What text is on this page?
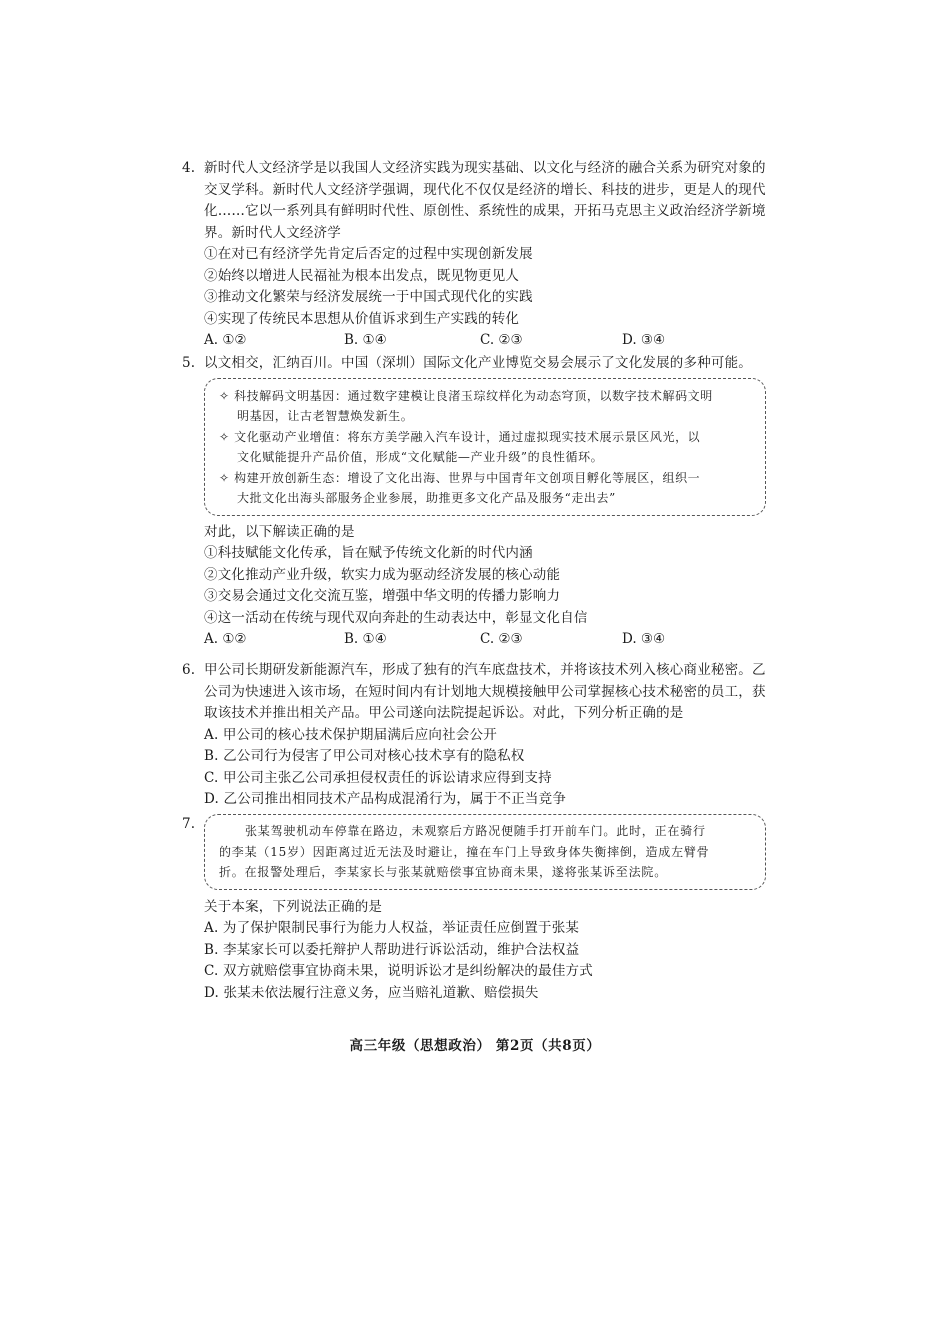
4. 新时代人文经济学是以我国人文经济实践为现实基础、以文化与经济的融合关系为研究对象的
交叉学科。新时代人文经济学强调，现代化不仅仅是经济的增长、科技的进步，更是人的现代
化……它以一系列具有鲜明时代性、原创性、系统性的成果，开拓马克思主义政治经济学新境
界。新时代人文经济学
①在对已有经济学先肯定后否定的过程中实现创新发展
②始终以增进人民福祉为根本出发点，既见物更见人
③推动文化繁荣与经济发展统一于中国式现代化的实践
④实现了传统民本思想从价值诉求到生产实践的转化
A. ①②	B. ①④	C. ②③	D. ③④
5. 以文相交，汇纳百川。中国（深圳）国际文化产业博览交易会展示了文化发展的多种可能。
✧ 科技解码文明基因：通过数字建模让良渚玉琮纹样化为动态穹顶，以数字技术解码文明
明基因，让古老智慧焕发新生。
✧ 文化驱动产业增值：将东方美学融入汽车设计，通过虚拟现实技术展示景区风光，以
文化赋能提升产品价值，形成“文化赋能—产业升级”的良性循环。
✧ 构建开放创新生态：增设了文化出海、世界与中国青年文创项目孵化等展区，组织一
大批文化出海头部服务企业参展，助推更多文化产品及服务“走出去”
对此，以下解读正确的是
①科技赋能文化传承，旨在赋予传统文化新的时代内涵
②文化推动产业升级，软实力成为驱动经济发展的核心动能
③交易会通过文化交流互鉴，增强中华文明的传播力影响力
④这一活动在传统与现代双向奔赴的生动表达中，彰显文化自信
A. ①②	B. ①④	C. ②③	D. ③④
6. 甲公司长期研发新能源汽车，形成了独有的汽车底盘技术，并将该技术列入核心商业秘密。乙
公司为快速进入该市场，在短时间内有计划地大规模接触甲公司掌握核心技术秘密的员工，获
取该技术并推出相关产品。甲公司遂向法院提起诉讼。对此，下列分析正确的是
A. 甲公司的核心技术保护期届满后应向社会公开
B. 乙公司行为侵害了甲公司对核心技术享有的隐私权
C. 甲公司主张乙公司承担侵权责任的诉讼请求应得到支持
D. 乙公司推出相同技术产品构成混淆行为，属于不正当竞争
7.	张某驾驶机动车停靠在路边，未观察后方路况便随手打开前车门。此时，正在骑行
的李某（15岁）因距离过近无法及时避让，撞在车门上导致身体失衡摔倒，造成左臂骨
折。在报警处理后，李某家长与张某就赔偿事宜协商未果，遂将张某诉至法院。
关于本案，下列说法正确的是
A. 为了保护限制民事行为能力人权益，举证责任应倒置于张某
B. 李某家长可以委托辩护人帮助进行诉讼活动，维护合法权益
C. 双方就赔偿事宜协商未果，说明诉讼才是纠纷解决的最佳方式
D. 张某未依法履行注意义务，应当赔礼道歉、赔偿损失
高三年级（思想政治） 第2页（共8页）
